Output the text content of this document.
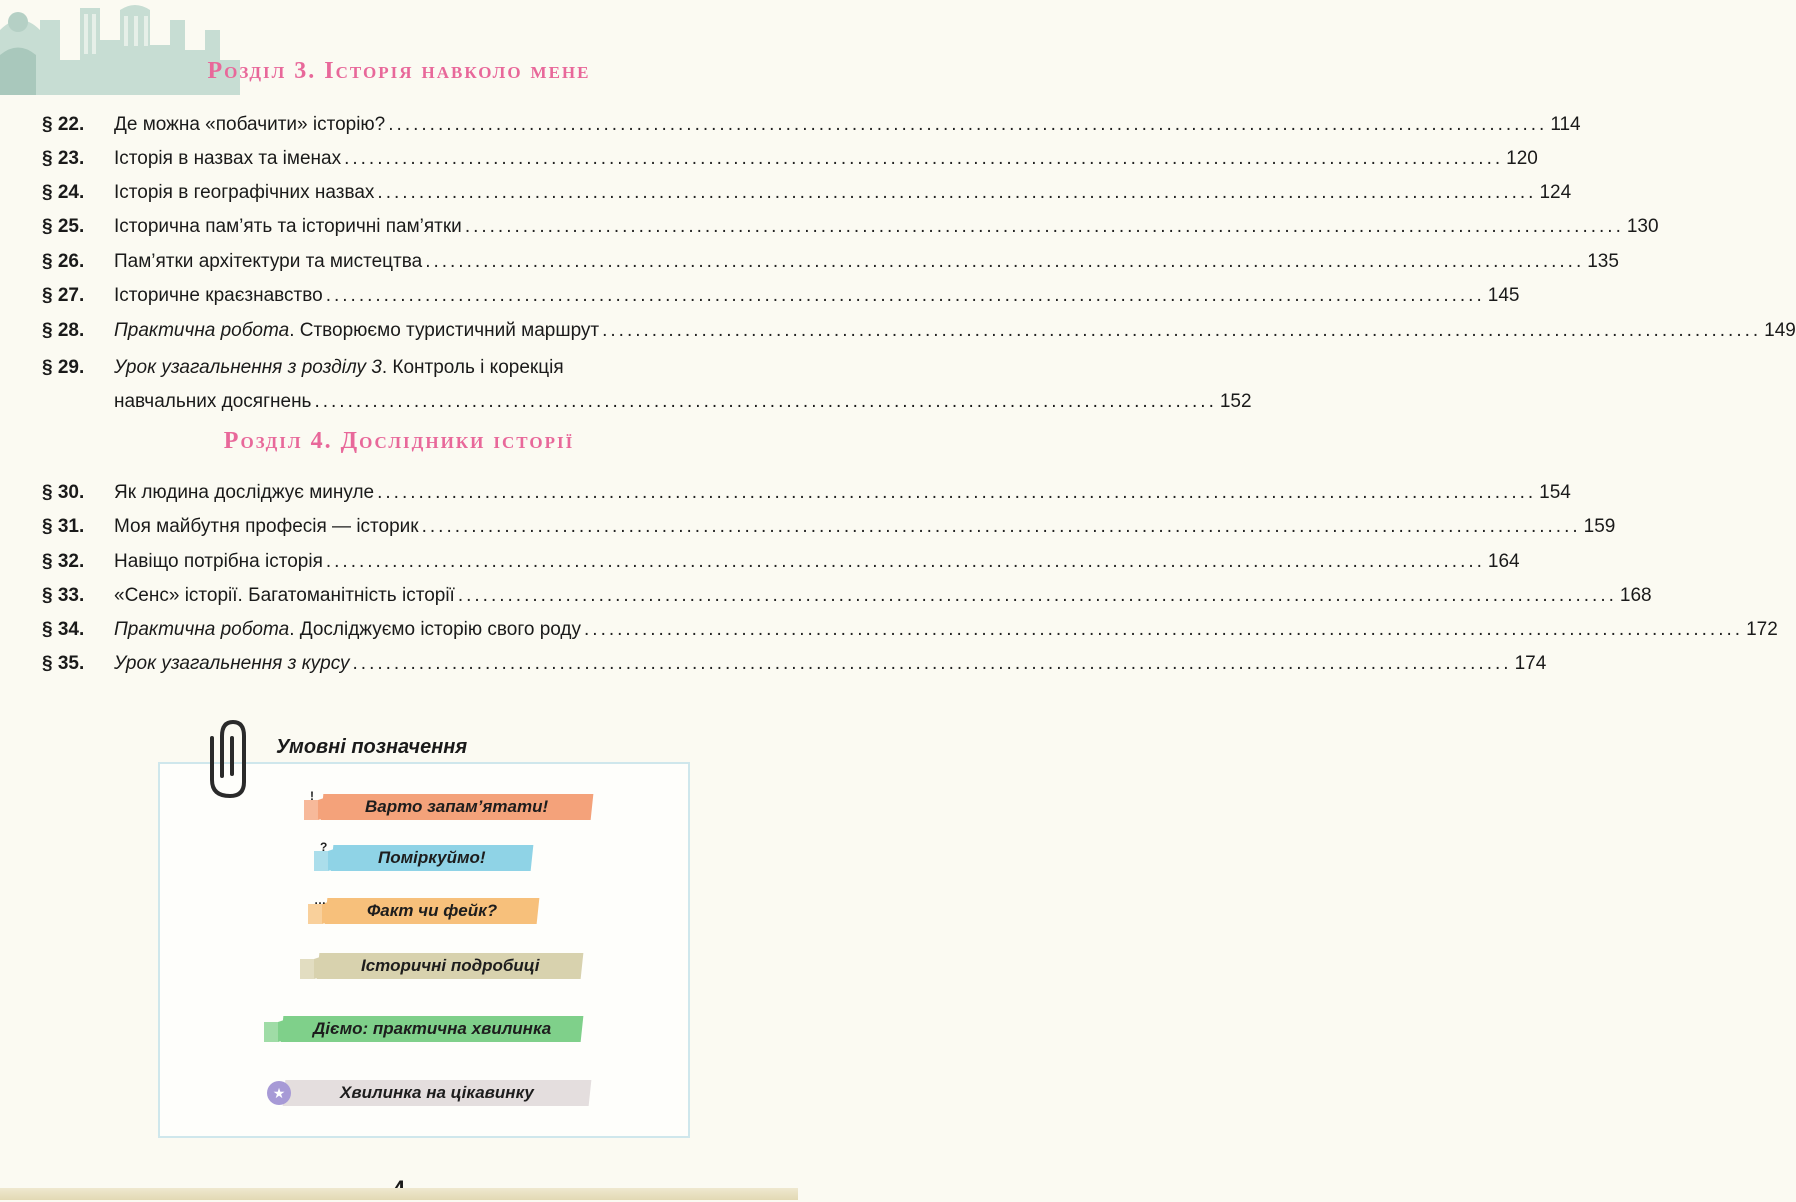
Розділ 3. Історія навколо мене
§ 22.	Де можна «побачити» історію? ............................................................................................................................................ 114
§ 23.	Історія в назвах та іменах ............................................................................................................................................ 120
§ 24.	Історія в географічних назвах ............................................................................................................................................ 124
§ 25.	Історична пам’ять та історичні пам’ятки ............................................................................................................................................ 130
§ 26.	Пам’ятки архітектури та мистецтва ............................................................................................................................................ 135
§ 27.	Історичне краєзнавство ............................................................................................................................................ 145
§ 28.	Практична робота. Створюємо туристичний маршрут ............................................................................................................................................ 149
§ 29.	Урок узагальнення з розділу 3 . Контроль і корекція
навчальних досягнень ............................................................................................................. 152
Розділ 4. Дослідники історії
§ 30.	Як людина досліджує минуле ............................................................................................................................................ 154
§ 31.	Моя майбутня професія — історик ............................................................................................................................................ 159
§ 32.	Навіщо потрібна історія ............................................................................................................................................ 164
§ 33.	«Сенс» історії. Багатоманітність історії ............................................................................................................................................ 168
§ 34.	Практична робота. Досліджуємо історію свого роду ............................................................................................................................................ 172
§ 35.	Урок узагальнення з курсу ............................................................................................................................................ 174
Умовні позначення
Варто запам’ятати!
!
Поміркуймо!
?
Факт чи фейк?
…
Історичні подробиці
Діємо: практична хвилинка
Хвилинка на цікавинку
★
